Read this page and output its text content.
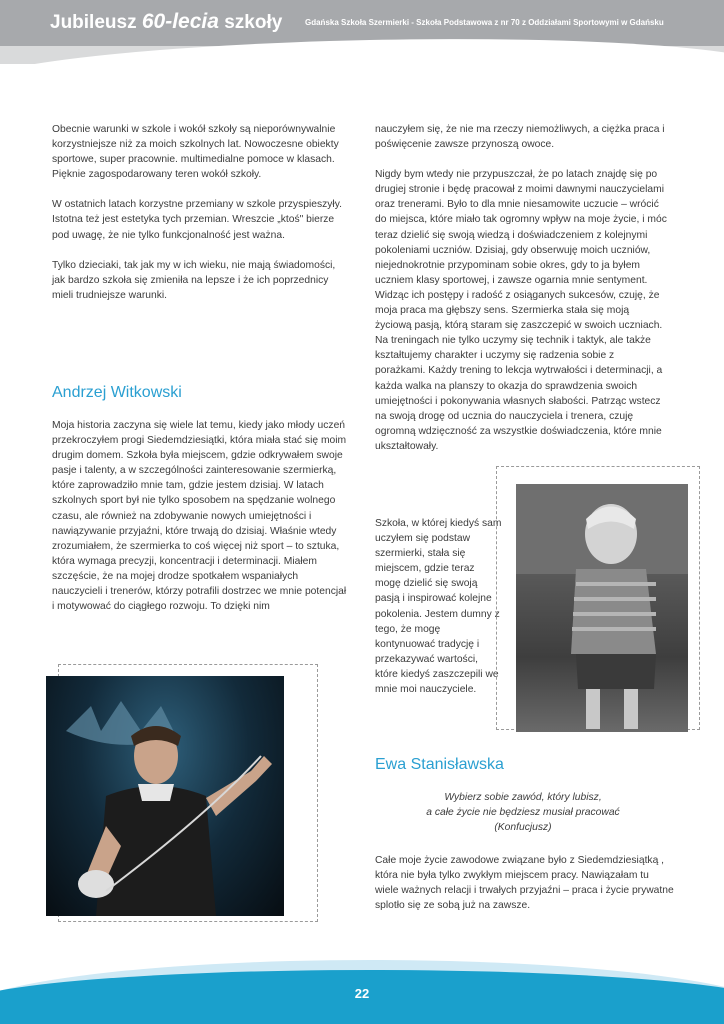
Jubileusz 60-lecia szkoły	Gdańska Szkoła Szermierki - Szkoła Podstawowa z nr 70 z Oddziałami Sportowymi w Gdańsku

Obecnie warunki w szkole i wokół szkoły są nieporównywalnie korzystniejsze niż za moich szkolnych lat. Nowoczesne obiekty sportowe, super pracownie. multimedialne pomoce w klasach. Pięknie zagospodarowany teren wokół szkoły.

W ostatnich latach korzystne przemiany w szkole przyspieszyły. Istotna też jest estetyka tych przemian. Wreszcie „ktoś" bierze pod uwagę, że nie tylko funkcjonalność jest ważna.

Tylko dzieciaki, tak jak my w ich wieku, nie mają świadomości, jak bardzo szkoła się zmieniła na lepsze i że ich poprzednicy mieli trudniejsze warunki.

Andrzej Witkowski

Moja historia zaczyna się wiele lat temu, kiedy jako młody uczeń przekroczyłem progi Siedemdziesiątki, która miała stać się moim drugim domem. Szkoła była miejscem, gdzie odkrywałem swoje pasje i talenty, a w szczególności zainteresowanie szermierką, które zaprowadziło mnie tam, gdzie jestem dzisiaj. W latach szkolnych sport był nie tylko sposobem na spędzanie wolnego czasu, ale również na zdobywanie nowych umiejętności i nawiązywanie przyjaźni, które trwają do dzisiaj. Właśnie wtedy zrozumiałem, że szermierka to coś więcej niż sport – to sztuka, która wymaga precyzji, koncentracji i determinacji. Miałem szczęście, że na mojej drodze spotkałem wspaniałych nauczycieli i trenerów, którzy potrafili dostrzec we mnie potencjał i motywować do ciągłego rozwoju. To dzięki nim

nauczyłem się, że nie ma rzeczy niemożliwych, a ciężka praca i poświęcenie zawsze przynoszą owoce.

Nigdy bym wtedy nie przypuszczał, że po latach znajdę się po drugiej stronie i będę pracował z moimi dawnymi nauczycielami oraz trenerami. Było to dla mnie niesamowite uczucie – wrócić do miejsca, które miało tak ogromny wpływ na moje życie, i móc teraz dzielić się swoją wiedzą i doświadczeniem z kolejnymi pokoleniami uczniów. Dzisiaj, gdy obserwuję moich uczniów, niejednokrotnie przypominam sobie okres, gdy to ja byłem uczniem klasy sportowej, i zawsze ogarnia mnie sentyment. Widząc ich postępy i radość z osiąganych sukcesów, czuję, że moja praca ma głębszy sens. Szermierka stała się moją życiową pasją, którą staram się zaszczepić w swoich uczniach. Na treningach nie tylko uczymy się technik i taktyk, ale także kształtujemy charakter i uczymy się radzenia sobie z porażkami. Każdy trening to lekcja wytrwałości i determinacji, a każda walka na planszy to okazja do sprawdzenia swoich umiejętności i pokonywania własnych słabości. Patrząc wstecz na swoją drogę od ucznia do nauczyciela i trenera, czuję ogromną wdzięczność za wszystkie doświadczenia, które mnie ukształtowały.

Szkoła, w której kiedyś sam uczyłem się podstaw szermierki, stała się miejscem, gdzie teraz mogę dzielić się swoją pasją i inspirować kolejne pokolenia. Jestem dumny z tego, że mogę kontynuować tradycję i przekazywać wartości, które kiedyś zaszczepili we mnie moi nauczyciele.

Ewa Stanisławska
Wybierz sobie zawód, który lubisz,
a całe życie nie będziesz musiał pracować
(Konfucjusz)

Całe moje życie zawodowe związane było z Siedemdziesiątką , która nie była tylko zwykłym miejscem pracy. Nawiązałam tu wiele ważnych relacji i trwałych przyjaźni – praca i życie prywatne splotło się ze sobą już na zawsze.

22
